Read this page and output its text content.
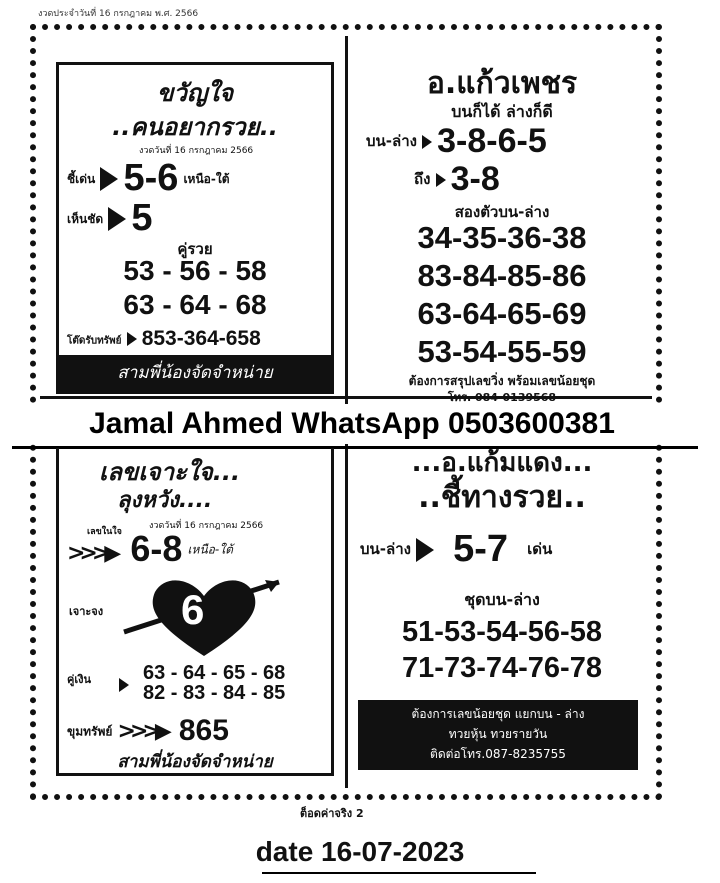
งวดประจำวันที่ 16 กรกฎาคม พ.ศ. 2566
ขวัญใจ
..คนอยากรวย..
งวดวันที่ 16 กรกฎาคม 2566
ชี้เด่น 5-6 เหนือ-ใต้
เห็นชัด 5
คู่รวย
53 - 56 - 58
63 - 64 - 68
โต๊ดรับทรัพย์ 853-364-658
สามพี่น้องจัดจำหน่าย
อ.แก้วเพชร
บนก็ได้ ล่างก็ดี
บน-ล่าง 3-8-6-5
ถึง 3-8
สองตัวบน-ล่าง
34-35-36-38
83-84-85-86
63-64-65-69
53-54-55-59
ต้องการสรุปเลขวิ่ง พร้อมเลขน้อยชุด
โทร. 084-0139568
Jamal Ahmed WhatsApp 0503600381
เลขเจาะใจ...
ลุงหวัง....
งวดวันที่ 16 กรกฎาคม 2566
เลขในใจ
>>>▶ 6-8 เหนือ-ใต้
เจาะจง 6
คู่เงิน	63 - 64 - 65 - 68
82 - 83 - 84 - 85
ขุมทรัพย์ >>>▶ 865
สามพี่น้องจัดจำหน่าย
...อ.แก้มแดง...
..ชี้ทางรวย..
บน-ล่าง 5-7 เด่น
ชุดบน-ล่าง
51-53-54-56-58
71-73-74-76-78
ต้องการเลขน้อยชุด แยกบน - ล่าง
ทวยหุ้น ทวยรายวัน
ติดต่อโทร.087-8235755
ต็อดค่าจริง 2
date 16-07-2023
